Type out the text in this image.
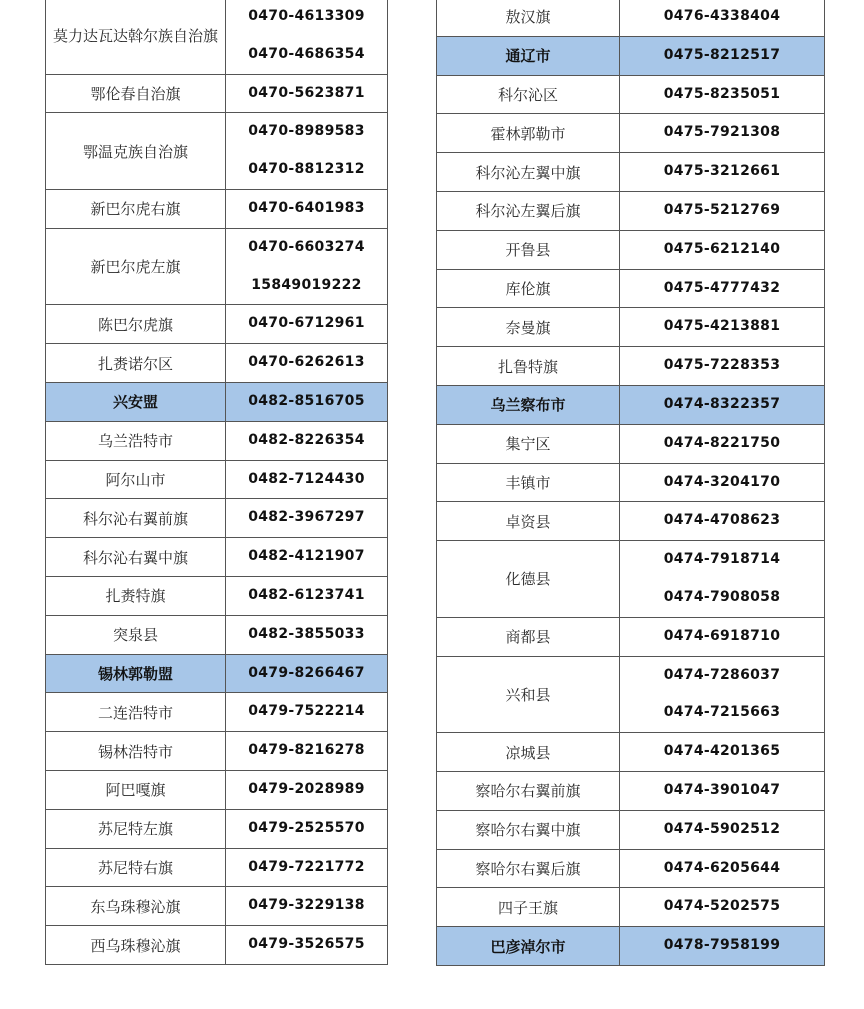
莫力达瓦达斡尔族自治旗	0470-4613309
0470-4686354

鄂伦春自治旗	0470-5623871

鄂温克族自治旗	0470-8989583
0470-8812312

新巴尔虎右旗	0470-6401983

新巴尔虎左旗	0470-6603274
15849019222

陈巴尔虎旗	0470-6712961

扎赉诺尔区	0470-6262613

兴安盟	0482-8516705

乌兰浩特市	0482-8226354

阿尔山市	0482-7124430

科尔沁右翼前旗	0482-3967297

科尔沁右翼中旗	0482-4121907

扎赉特旗	0482-6123741

突泉县	0482-3855033

锡林郭勒盟	0479-8266467

二连浩特市	0479-7522214

锡林浩特市	0479-8216278

阿巴嘎旗	0479-2028989

苏尼特左旗	0479-2525570

苏尼特右旗	0479-7221772

东乌珠穆沁旗	0479-3229138

西乌珠穆沁旗	0479-3526575
敖汉旗	0476-4338404

通辽市	0475-8212517

科尔沁区	0475-8235051

霍林郭勒市	0475-7921308

科尔沁左翼中旗	0475-3212661

科尔沁左翼后旗	0475-5212769

开鲁县	0475-6212140

库伦旗	0475-4777432

奈曼旗	0475-4213881

扎鲁特旗	0475-7228353

乌兰察布市	0474-8322357

集宁区	0474-8221750

丰镇市	0474-3204170

卓资县	0474-4708623

化德县	0474-7918714
0474-7908058

商都县	0474-6918710

兴和县	0474-7286037
0474-7215663

凉城县	0474-4201365

察哈尔右翼前旗	0474-3901047

察哈尔右翼中旗	0474-5902512

察哈尔右翼后旗	0474-6205644

四子王旗	0474-5202575

巴彦淖尔市	0478-7958199
